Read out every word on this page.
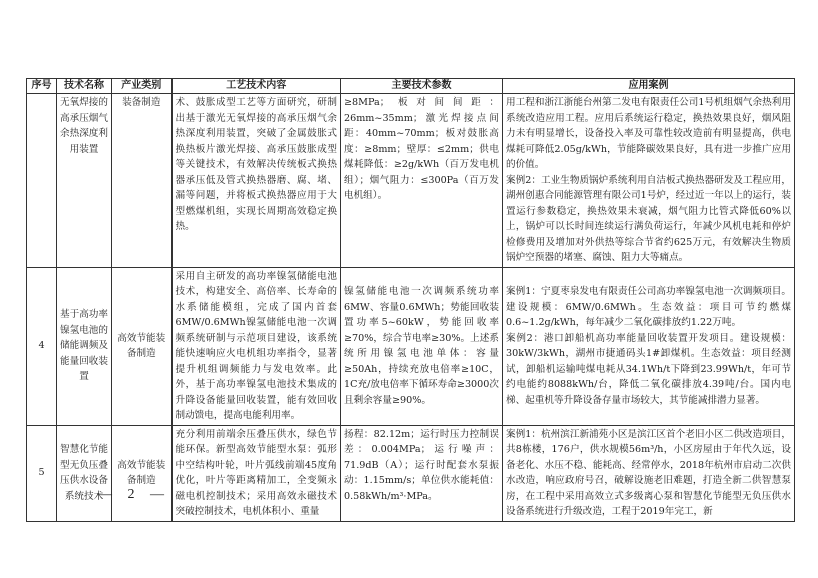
序号	技术名称	产业类别	工艺技术内容	主要技术参数	应用案例
	无氧焊接的高承压烟气余热深度利用装置	装备制造	术、鼓胀成型工艺等方面研究，研制出基于激光无氧焊接的高承压烟气余热深度利用装置，突破了金属鼓胀式换热板片激光焊接、高承压鼓胀成型等关键技术，有效解决传统板式换热器承压低及管式换热器磨、腐、堵、漏等问题，并将板式换热器应用于大型燃煤机组，实现长周期高效稳定换热。	≥8MPa；板对间间距：26mm~35mm；激光焊接点间距：40mm~70mm；板对鼓胀高度：≥8mm；壁厚：≤2mm；供电煤耗降低：≥2g/kWh（百万发电机组）；烟气阻力：≤300Pa（百万发电机组）。	用工程和浙江浙能台州第二发电有限责任公司1号机组烟气余热利用系统改造应用工程。应用后系统运行稳定，换热效果良好，烟风阻力未有明显增长，设备投入率及可靠性较改造前有明显提高，供电煤耗可降低2.05g/kWh，节能降碳效果良好，具有进一步推广应用的价值。
案例2：工业生物质锅炉系统利用自洁板式换热器研发及工程应用，湖州创惠合同能源管理有限公司1号炉，经过近一年以上的运行，装置运行参数稳定，换热效果未衰减，烟气阻力比管式降低60%以上，锅炉可以长时间连续运行满负荷运行，年减少风机电耗和停炉检修费用及增加对外供热等综合节省约625万元，有效解决生物质锅炉空预器的堵塞、腐蚀、阻力大等痛点。

4	基于高功率镍氢电池的储能调频及能量回收装置	高效节能装备制造	采用自主研发的高功率镍氢储能电池技术，构建安全、高倍率、长寿命的水系储能模组，完成了国内首套6MW/0.6MWh镍氢储能电池一次调频系统研制与示范项目建设，该系统能快速响应火电机组功率指令，显著提升机组调频能力与发电效率。此外，基于高功率镍氢电池技术集成的升降设备能量回收装置，能有效回收制动馈电，提高电能利用率。	镍氢储能电池一次调频系统功率6MW、容量0.6MWh；势能回收装置功率5~60kW，势能回收率≥70%，综合节电率≥30%。上述系统所用镍氢电池单体：容量≥50Ah，持续充放电倍率≥10C，1C充/放电倍率下循环寿命≥3000次且剩余容量≥90%。	案例1：宁夏枣泉发电有限责任公司高功率镍氢电池一次调频项目。建设规模：6MW/0.6MWh。生态效益：项目可节约燃煤0.6~1.2g/kWh，每年减少二氧化碳排放约1.22万吨。
案例2：港口卸船机高功率能量回收装置开发项目。建设规模：30kW/3kWh，湖州市捷通码头1#卸煤机。生态效益：项目经测试，卸船机运输吨煤电耗从34.1Wh/t下降到23.99Wh/t，年可节约电能约8088kWh/台，降低二氧化碳排放4.39吨/台。国内电梯、起重机等升降设备存量市场较大，其节能减排潜力显著。

5	智慧化节能型无负压叠压供水设备系统技术	高效节能装备制造	充分利用前端余压叠压供水，绿色节能环保。新型高效节能型水泵：弧形中空结构叶轮，叶片弧线前端45度角优化，叶片等距离精加工，全变频永磁电机控制技术；采用高效永磁技术突破控制技术，电机体积小、重量	扬程：82.12m；运行时压力控制误差：0.004MPa；运行噪声：71.9dB（A）；运行时配套水泵振动：1.15mm/s；单位供水能耗值：0.58kWh/m³·MPa。	案例1：杭州滨江新浦苑小区是滨江区首个老旧小区二供改造项目，共8栋楼，176户，供水规模56m³/h，小区房屋由于年代久远，设备老化、水压不稳、能耗高、经常停水，2018年杭州市启动二次供水改造，响应政府号召，破解设施老旧难题，打造全新二供智慧泵房，在工程中采用高效立式多级离心泵和智慧化节能型无负压供水设备系统进行升级改造，工程于2019年完工，新
— 2 —
